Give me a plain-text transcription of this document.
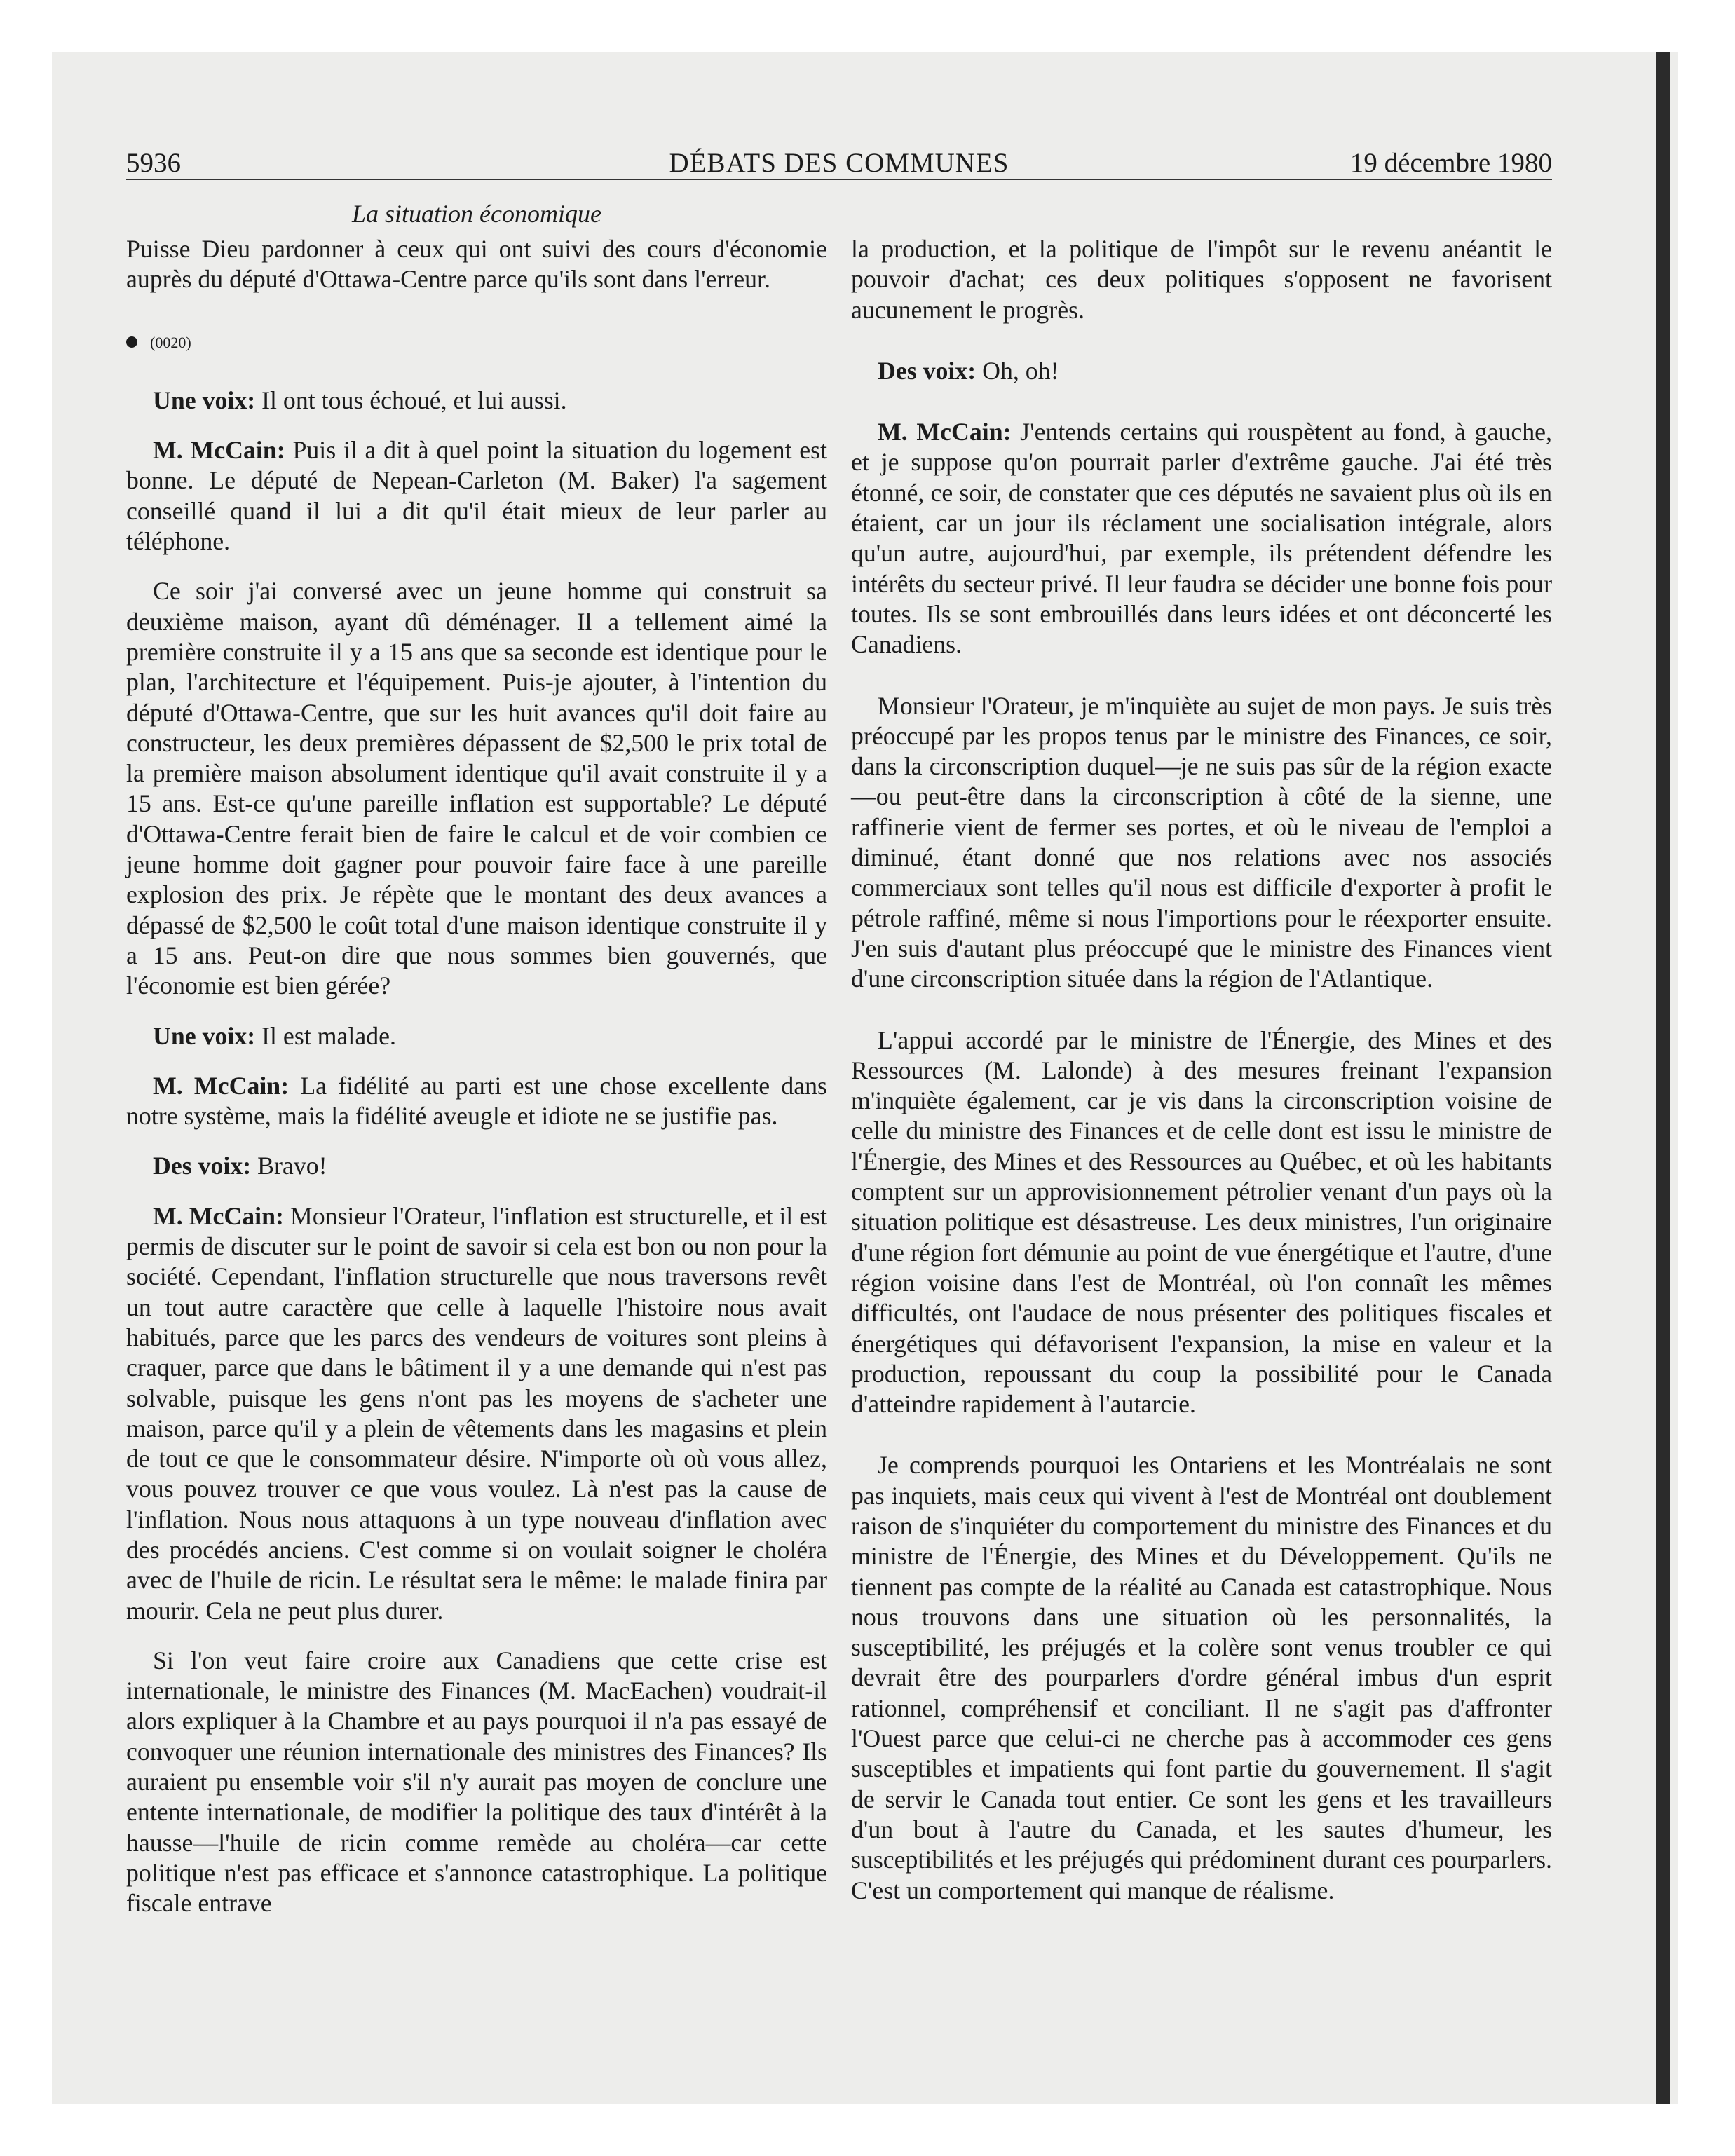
5936	DÉBATS DES COMMUNES	19 décembre 1980
La situation économique

Puisse Dieu pardonner à ceux qui ont suivi des cours d'économie auprès du député d'Ottawa-Centre parce qu'ils sont dans l'erreur.

(0020)

Une voix: Il ont tous échoué, et lui aussi.

M. McCain: Puis il a dit à quel point la situation du logement est bonne. Le député de Nepean-Carleton (M. Baker) l'a sagement conseillé quand il lui a dit qu'il était mieux de leur parler au téléphone.

Ce soir j'ai conversé avec un jeune homme qui construit sa deuxième maison, ayant dû déménager. Il a tellement aimé la première construite il y a 15 ans que sa seconde est identique pour le plan, l'architecture et l'équipement. Puis-je ajouter, à l'intention du député d'Ottawa-Centre, que sur les huit avances qu'il doit faire au constructeur, les deux premières dépassent de $2,500 le prix total de la première maison absolument identique qu'il avait construite il y a 15 ans. Est-ce qu'une pareille inflation est supportable? Le député d'Ottawa-Centre ferait bien de faire le calcul et de voir combien ce jeune homme doit gagner pour pouvoir faire face à une pareille explosion des prix. Je répète que le montant des deux avances a dépassé de $2,500 le coût total d'une maison identique construite il y a 15 ans. Peut-on dire que nous sommes bien gouvernés, que l'économie est bien gérée?

Une voix: Il est malade.

M. McCain: La fidélité au parti est une chose excellente dans notre système, mais la fidélité aveugle et idiote ne se justifie pas.

Des voix: Bravo!

M. McCain: Monsieur l'Orateur, l'inflation est structurelle, et il est permis de discuter sur le point de savoir si cela est bon ou non pour la société. Cependant, l'inflation structurelle que nous traversons revêt un tout autre caractère que celle à laquelle l'histoire nous avait habitués, parce que les parcs des vendeurs de voitures sont pleins à craquer, parce que dans le bâtiment il y a une demande qui n'est pas solvable, puisque les gens n'ont pas les moyens de s'acheter une maison, parce qu'il y a plein de vêtements dans les magasins et plein de tout ce que le consommateur désire. N'importe où où vous allez, vous pouvez trouver ce que vous voulez. Là n'est pas la cause de l'inflation. Nous nous attaquons à un type nouveau d'inflation avec des procédés anciens. C'est comme si on voulait soigner le choléra avec de l'huile de ricin. Le résultat sera le même: le malade finira par mourir. Cela ne peut plus durer.

Si l'on veut faire croire aux Canadiens que cette crise est internationale, le ministre des Finances (M. MacEachen) voudrait-il alors expliquer à la Chambre et au pays pourquoi il n'a pas essayé de convoquer une réunion internationale des ministres des Finances? Ils auraient pu ensemble voir s'il n'y aurait pas moyen de conclure une entente internationale, de modifier la politique des taux d'intérêt à la hausse—l'huile de ricin comme remède au choléra—car cette politique n'est pas efficace et s'annonce catastrophique. La politique fiscale entrave

la production, et la politique de l'impôt sur le revenu anéantit le pouvoir d'achat; ces deux politiques s'opposent ne favorisent aucunement le progrès.

Des voix: Oh, oh!

M. McCain: J'entends certains qui rouspètent au fond, à gauche, et je suppose qu'on pourrait parler d'extrême gauche. J'ai été très étonné, ce soir, de constater que ces députés ne savaient plus où ils en étaient, car un jour ils réclament une socialisation intégrale, alors qu'un autre, aujourd'hui, par exemple, ils prétendent défendre les intérêts du secteur privé. Il leur faudra se décider une bonne fois pour toutes. Ils se sont embrouillés dans leurs idées et ont déconcerté les Canadiens.

Monsieur l'Orateur, je m'inquiète au sujet de mon pays. Je suis très préoccupé par les propos tenus par le ministre des Finances, ce soir, dans la circonscription duquel—je ne suis pas sûr de la région exacte—ou peut-être dans la circonscription à côté de la sienne, une raffinerie vient de fermer ses portes, et où le niveau de l'emploi a diminué, étant donné que nos relations avec nos associés commerciaux sont telles qu'il nous est difficile d'exporter à profit le pétrole raffiné, même si nous l'importions pour le réexporter ensuite. J'en suis d'autant plus préoccupé que le ministre des Finances vient d'une circonscription située dans la région de l'Atlantique.

L'appui accordé par le ministre de l'Énergie, des Mines et des Ressources (M. Lalonde) à des mesures freinant l'expansion m'inquiète également, car je vis dans la circonscription voisine de celle du ministre des Finances et de celle dont est issu le ministre de l'Énergie, des Mines et des Ressources au Québec, et où les habitants comptent sur un approvisionnement pétrolier venant d'un pays où la situation politique est désastreuse. Les deux ministres, l'un originaire d'une région fort démunie au point de vue énergétique et l'autre, d'une région voisine dans l'est de Montréal, où l'on connaît les mêmes difficultés, ont l'audace de nous présenter des politiques fiscales et énergétiques qui défavorisent l'expansion, la mise en valeur et la production, repoussant du coup la possibilité pour le Canada d'atteindre rapidement à l'autarcie.

Je comprends pourquoi les Ontariens et les Montréalais ne sont pas inquiets, mais ceux qui vivent à l'est de Montréal ont doublement raison de s'inquiéter du comportement du ministre des Finances et du ministre de l'Énergie, des Mines et du Développement. Qu'ils ne tiennent pas compte de la réalité au Canada est catastrophique. Nous nous trouvons dans une situation où les personnalités, la susceptibilité, les préjugés et la colère sont venus troubler ce qui devrait être des pourparlers d'ordre général imbus d'un esprit rationnel, compréhensif et conciliant. Il ne s'agit pas d'affronter l'Ouest parce que celui-ci ne cherche pas à accommoder ces gens susceptibles et impatients qui font partie du gouvernement. Il s'agit de servir le Canada tout entier. Ce sont les gens et les travailleurs d'un bout à l'autre du Canada, et les sautes d'humeur, les susceptibilités et les préjugés qui prédominent durant ces pourparlers. C'est un comportement qui manque de réalisme.
